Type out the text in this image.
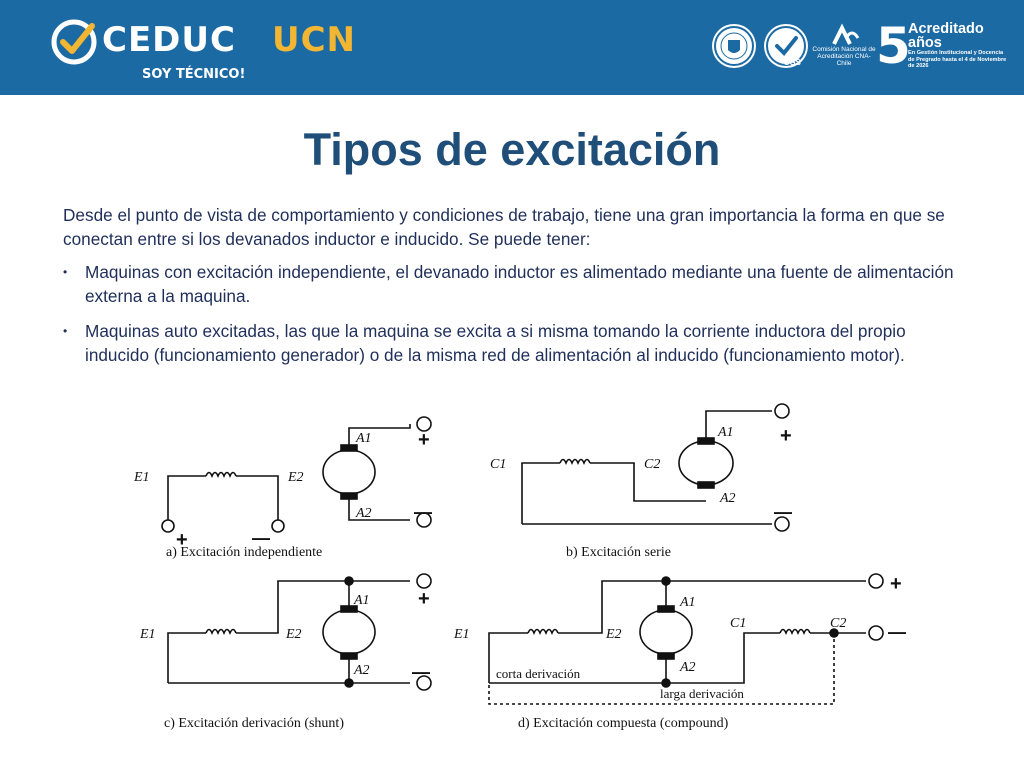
CEDUC UCN
SOY TÉCNICO!
SGS
Comisión Nacional de Acreditación CNA-Chile 5
Acreditado
años
En Gestión Institucional y Docencia de Pregrado hasta el 4 de Noviembre de 2026
Tipos de excitación

Desde el punto de vista de comportamiento y condiciones de trabajo, tiene una gran importancia la forma en que se conectan entre si los devanados inductor e inducido. Se puede tener:

• Maquinas con excitación independiente, el devanado inductor es alimentado mediante una fuente de alimentación externa a la maquina.

• Maquinas auto excitadas, las que la maquina se excita a si misma tomando la corriente inductora del propio inducido (funcionamiento generador) o de la misma red de alimentación al inducido (funcionamiento motor).

E1	E2
A1
A2
+
—
+	—
a) Excitación independiente
C1	C2
A1
A2
+
—
b) Excitación serie
E1	E2
A1
A2
+
—
c) Excitación derivación (shunt)
E1	E2
A1
A2
C1	C2
+
—
corta derivación
larga derivación
d) Excitación compuesta (compound)
